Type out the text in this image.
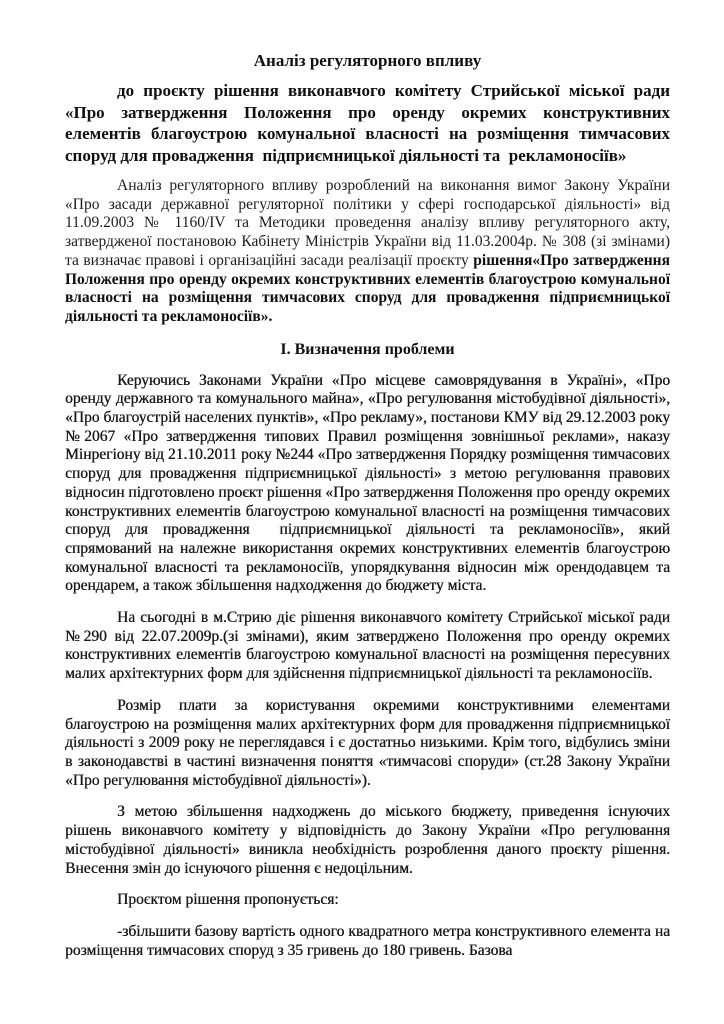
Аналіз регуляторного впливу

до проєкту рішення виконавчого комітету Стрийської міської ради «Про затвердження Положення про оренду окремих конструктивних елементів благоустрою комунальної власності на розміщення тимчасових споруд для провадження  підприємницької діяльності та  рекламоносіїв»

Аналіз регуляторного впливу розроблений на виконання вимог Закону України «Про засади державної регуляторної політики у сфері господарської діяльності» від 11.09.2003 № 1160/IV та Методики проведення аналізу впливу регуляторного акту, затвердженої постановою Кабінету Міністрів України від 11.03.2004р. № 308 (зі змінами) та визначає правові і організаційні засади реалізації проєкту рішення«Про затвердження Положення про оренду окремих конструктивних елементів благоустрою комунальної власності на розміщення тимчасових споруд для провадження підприємницької діяльності та рекламоносіїв».

І. Визначення проблеми

Керуючись Законами України «Про місцеве самоврядування в Україні», «Про оренду державного та комунального майна», «Про регулювання містобудівної діяльності», «Про благоустрій населених пунктів», «Про рекламу», постанови КМУ від 29.12.2003 року №2067 «Про затвердження типових Правил розміщення зовнішньої реклами», наказу Мінрегіону від 21.10.2011 року №244 «Про затвердження Порядку розміщення тимчасових споруд для провадження підприємницької діяльності» з метою регулювання правових відносин підготовлено проєкт рішення «Про затвердження Положення про оренду окремих конструктивних елементів благоустрою комунальної власності на розміщення тимчасових споруд для провадження  підприємницької діяльності та рекламоносіїв», який спрямований на належне використання окремих конструктивних елементів благоустрою комунальної власності та рекламоносіїв, упорядкування відносин між орендодавцем та орендарем, а також збільшення надходження до бюджету міста.

На сьогодні в м.Стрию діє рішення виконавчого комітету Стрийської міської ради №290 від 22.07.2009р.(зі змінами), яким затверджено Положення про оренду окремих конструктивних елементів благоустрою комунальної власності на розміщення пересувних малих архітектурних форм для здійснення підприємницької діяльності та рекламоносіїв.

Розмір плати за користування окремими конструктивними елементами благоустрою на розміщення малих архітектурних форм для провадження підприємницької діяльності з 2009 року не переглядався і є достатньо низькими. Крім того, відбулись зміни в законодавстві в частині визначення поняття «тимчасові споруди» (ст.28 Закону України «Про регулювання містобудівної діяльності»).

З метою збільшення надходжень до міського бюджету, приведення існуючих рішень виконавчого комітету у відповідність до Закону України «Про регулювання містобудівної діяльності» виникла необхідність розроблення даного проєкту рішення. Внесення змін до існуючого рішення є недоцільним.

Проєктом рішення пропонується:

-збільшити базову вартість одного квадратного метра конструктивного елемента на розміщення тимчасових споруд з 35 гривень до 180 гривень. Базова
